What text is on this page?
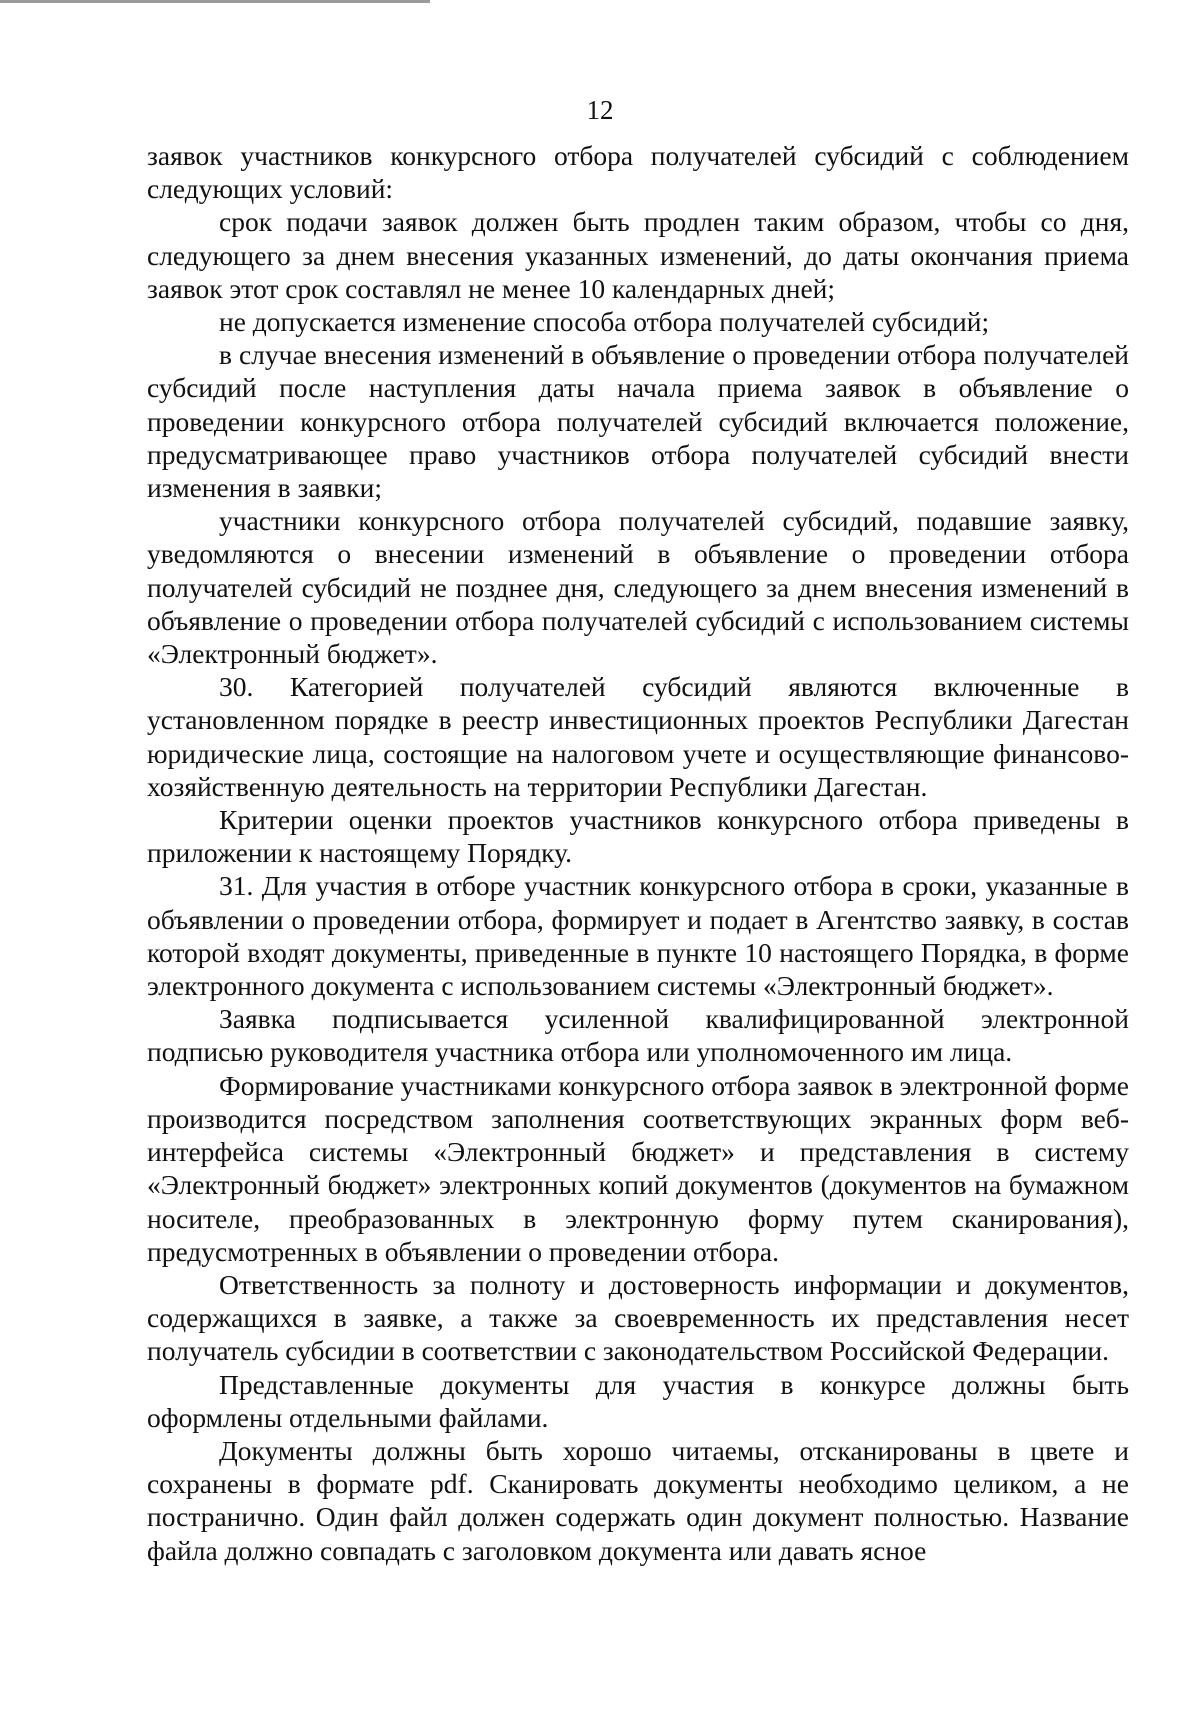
12

заявок участников конкурсного отбора получателей субсидий с соблюдением следующих условий:

срок подачи заявок должен быть продлен таким образом, чтобы со дня, следующего за днем внесения указанных изменений, до даты окончания приема заявок этот срок составлял не менее 10 календарных дней;

не допускается изменение способа отбора получателей субсидий;

в случае внесения изменений в объявление о проведении отбора получателей субсидий после наступления даты начала приема заявок в объявление о проведении конкурсного отбора получателей субсидий включается положение, предусматривающее право участников отбора получателей субсидий внести изменения в заявки;

участники конкурсного отбора получателей субсидий, подавшие заявку, уведомляются о внесении изменений в объявление о проведении отбора получателей субсидий не позднее дня, следующего за днем внесения изменений в объявление о проведении отбора получателей субсидий с использованием системы «Электронный бюджет».

30. Категорией получателей субсидий являются включенные в установленном порядке в реестр инвестиционных проектов Республики Дагестан юридические лица, состоящие на налоговом учете и осуществляющие финансово-хозяйственную деятельность на территории Республики Дагестан.

Критерии оценки проектов участников конкурсного отбора приведены в приложении к настоящему Порядку.

31. Для участия в отборе участник конкурсного отбора в сроки, указанные в объявлении о проведении отбора, формирует и подает в Агентство заявку, в состав которой входят документы, приведенные в пункте 10 настоящего Порядка, в форме электронного документа с использованием системы «Электронный бюджет».

Заявка подписывается усиленной квалифицированной электронной подписью руководителя участника отбора или уполномоченного им лица.

Формирование участниками конкурсного отбора заявок в электронной форме производится посредством заполнения соответствующих экранных форм веб-интерфейса системы «Электронный бюджет» и представления в систему «Электронный бюджет» электронных копий документов (документов на бумажном носителе, преобразованных в электронную форму путем сканирования), предусмотренных в объявлении о проведении отбора.

Ответственность за полноту и достоверность информации и документов, содержащихся в заявке, а также за своевременность их представления несет получатель субсидии в соответствии с законодательством Российской Федерации.

Представленные документы для участия в конкурсе должны быть оформлены отдельными файлами.

Документы должны быть хорошо читаемы, отсканированы в цвете и сохранены в формате pdf. Сканировать документы необходимо целиком, а не постранично. Один файл должен содержать один документ полностью. Название файла должно совпадать с заголовком документа или давать ясное
